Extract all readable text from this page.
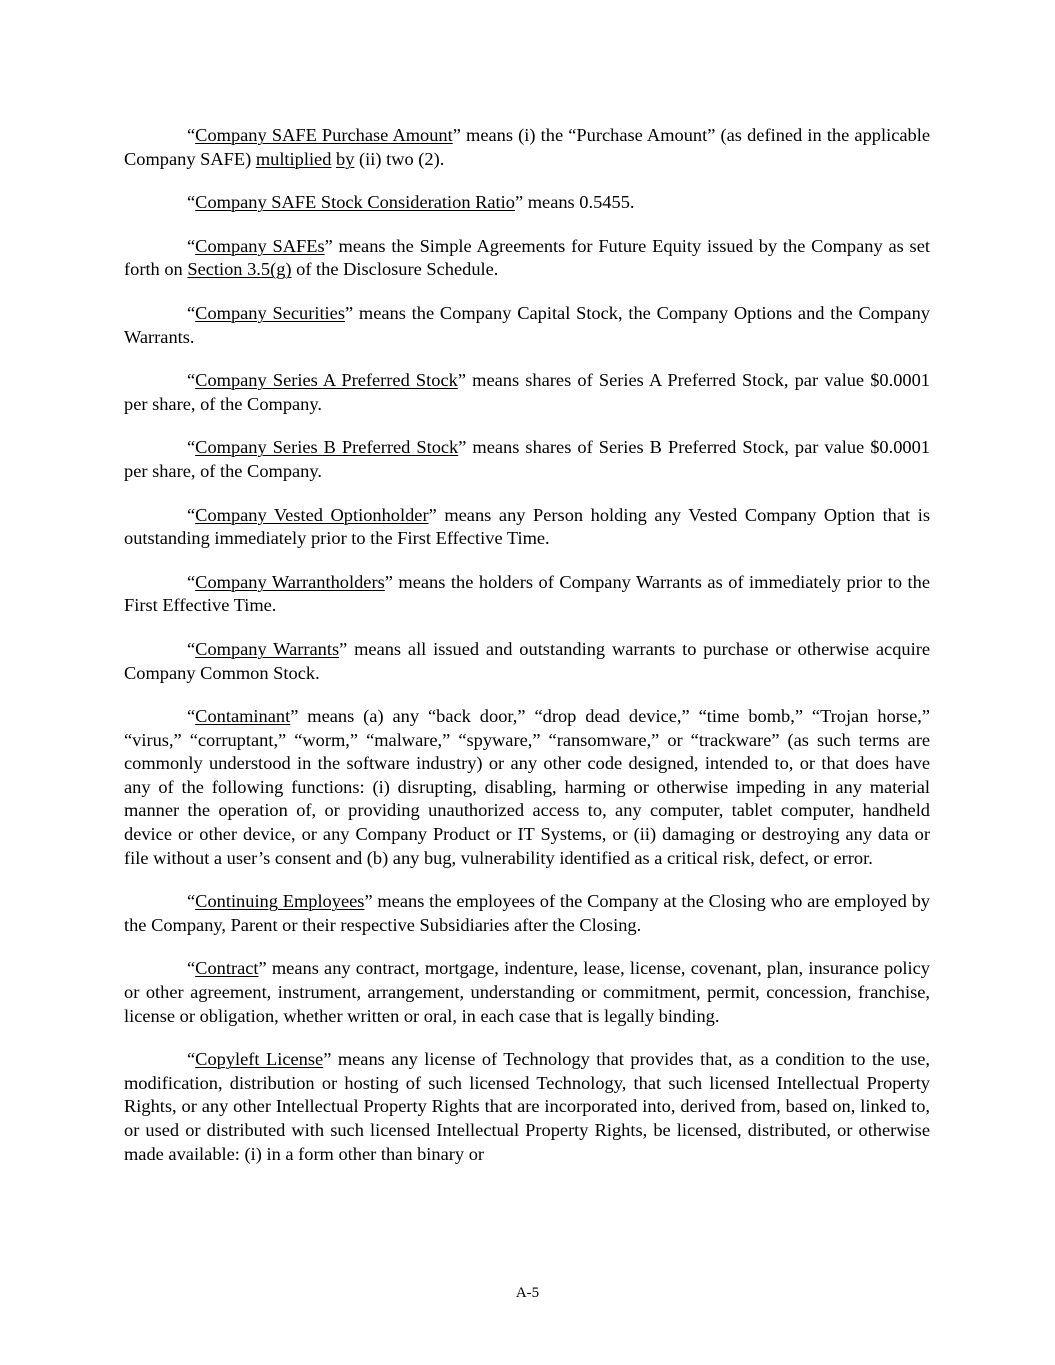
“Company SAFE Purchase Amount” means (i) the “Purchase Amount” (as defined in the applicable Company SAFE) multiplied by (ii) two (2).

“Company SAFE Stock Consideration Ratio” means 0.5455.

“Company SAFEs” means the Simple Agreements for Future Equity issued by the Company as set forth on Section 3.5(g) of the Disclosure Schedule.

“Company Securities” means the Company Capital Stock, the Company Options and the Company Warrants.

“Company Series A Preferred Stock” means shares of Series A Preferred Stock, par value $0.0001 per share, of the Company.

“Company Series B Preferred Stock” means shares of Series B Preferred Stock, par value $0.0001 per share, of the Company.

“Company Vested Optionholder” means any Person holding any Vested Company Option that is outstanding immediately prior to the First Effective Time.

“Company Warrantholders” means the holders of Company Warrants as of immediately prior to the First Effective Time.

“Company Warrants” means all issued and outstanding warrants to purchase or otherwise acquire Company Common Stock.

“Contaminant” means (a) any “back door,” “drop dead device,” “time bomb,” “Trojan horse,” “virus,” “corruptant,” “worm,” “malware,” “spyware,” “ransomware,” or “trackware” (as such terms are commonly understood in the software industry) or any other code designed, intended to, or that does have any of the following functions: (i) disrupting, disabling, harming or otherwise impeding in any material manner the operation of, or providing unauthorized access to, any computer, tablet computer, handheld device or other device, or any Company Product or IT Systems, or (ii) damaging or destroying any data or file without a user’s consent and (b) any bug, vulnerability identified as a critical risk, defect, or error.

“Continuing Employees” means the employees of the Company at the Closing who are employed by the Company, Parent or their respective Subsidiaries after the Closing.

“Contract” means any contract, mortgage, indenture, lease, license, covenant, plan, insurance policy or other agreement, instrument, arrangement, understanding or commitment, permit, concession, franchise, license or obligation, whether written or oral, in each case that is legally binding.

“Copyleft License” means any license of Technology that provides that, as a condition to the use, modification, distribution or hosting of such licensed Technology, that such licensed Intellectual Property Rights, or any other Intellectual Property Rights that are incorporated into, derived from, based on, linked to, or used or distributed with such licensed Intellectual Property Rights, be licensed, distributed, or otherwise made available: (i) in a form other than binary or

A-5
